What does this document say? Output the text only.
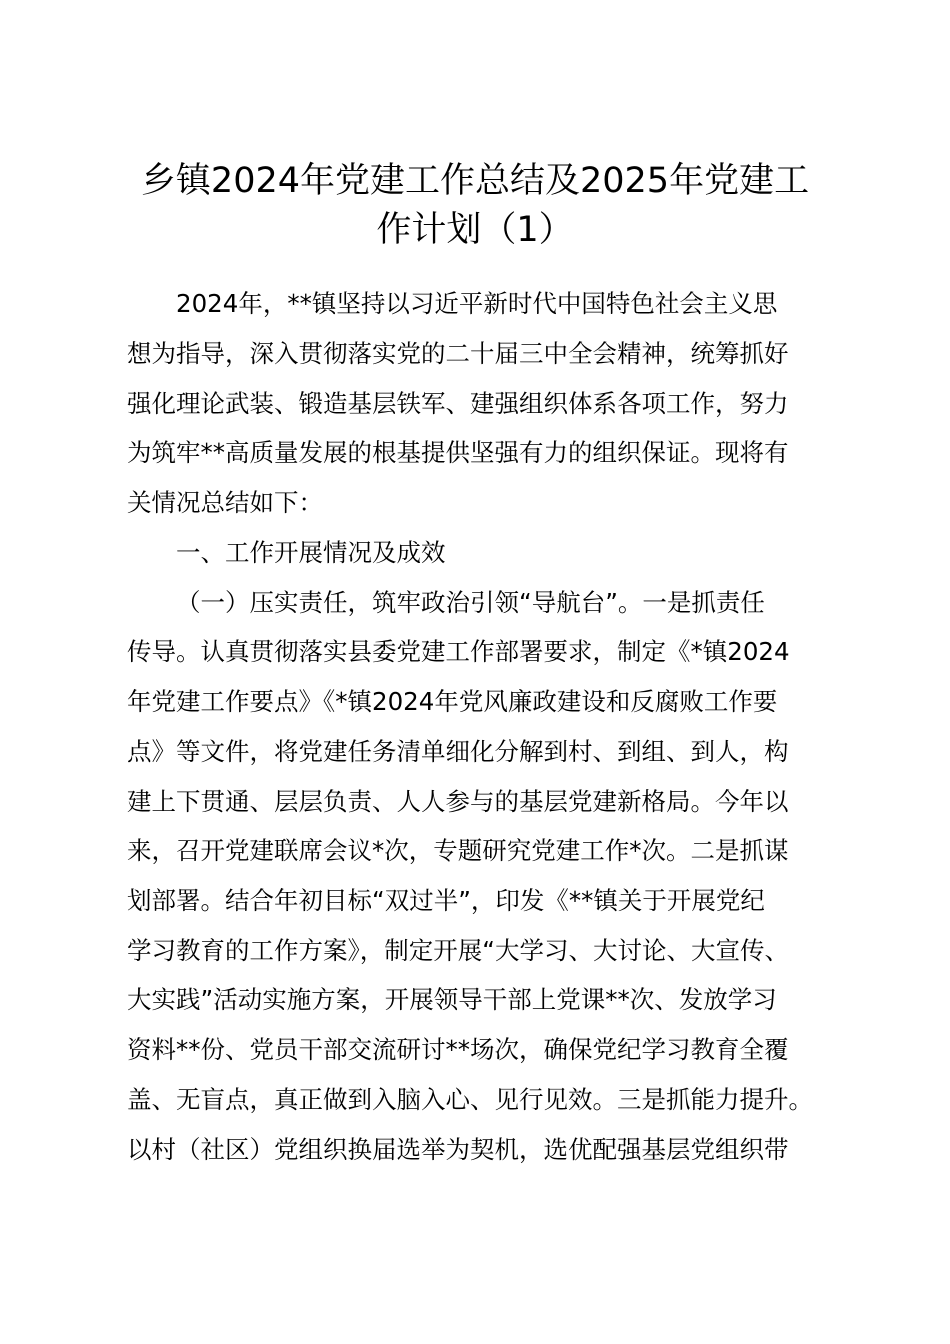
乡镇2024年党建工作总结及2025年党建工
作计划（1）

2024年，**镇坚持以习近平新时代中国特色社会主义思

想为指导，深入贯彻落实党的二十届三中全会精神，统筹抓好

强化理论武装、锻造基层铁军、建强组织体系各项工作，努力

为筑牢**高质量发展的根基提供坚强有力的组织保证。现将有

关情况总结如下：

一、工作开展情况及成效

（一）压实责任，筑牢政治引领“导航台”。一是抓责任

传导。认真贯彻落实县委党建工作部署要求，制定《*镇2024

年党建工作要点》《*镇2024年党风廉政建设和反腐败工作要

点》等文件，将党建任务清单细化分解到村、到组、到人，构

建上下贯通、层层负责、人人参与的基层党建新格局。今年以

来，召开党建联席会议*次，专题研究党建工作*次。二是抓谋

划部署。结合年初目标“双过半”，印发《**镇关于开展党纪

学习教育的工作方案》，制定开展“大学习、大讨论、大宣传、

大实践”活动实施方案，开展领导干部上党课**次、发放学习

资料**份、党员干部交流研讨**场次，确保党纪学习教育全覆

盖、无盲点，真正做到入脑入心、见行见效。三是抓能力提升。

以村（社区）党组织换届选举为契机，选优配强基层党组织带
